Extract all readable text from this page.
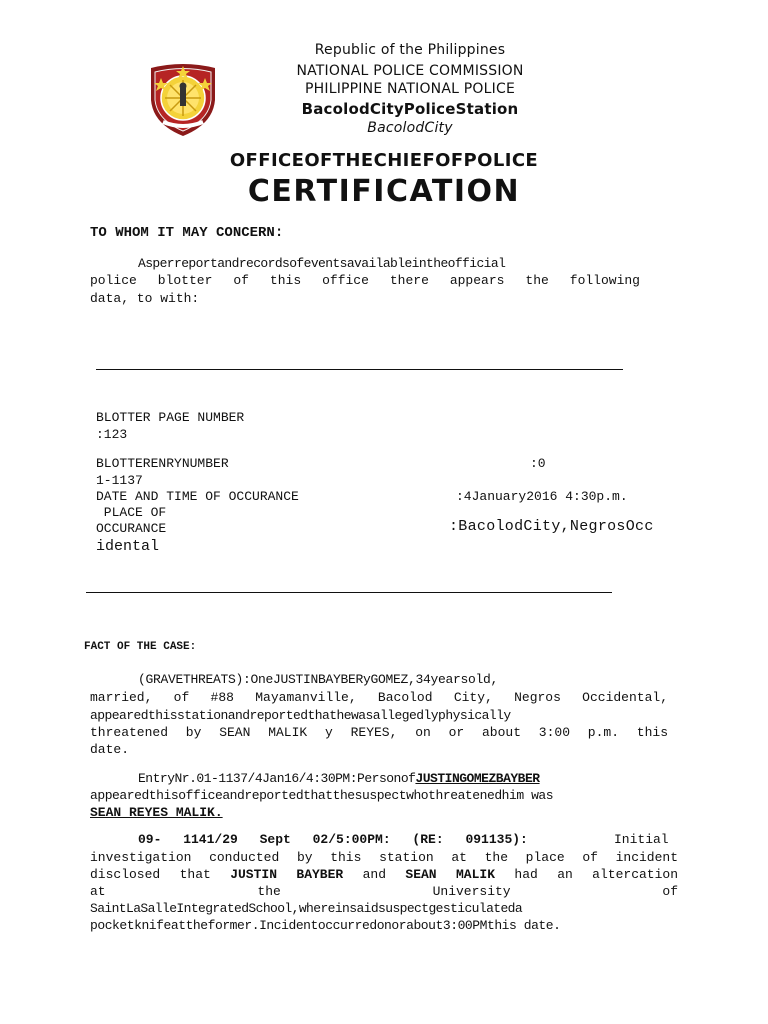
Republic of the Philippines
NATIONAL POLICE COMMISSION
PHILIPPINE NATIONAL POLICE
BacolodCityPoliceStation
BacolodCity
OFFICEOFTHECHIEFOFPOLICE
CERTIFICATION
TO WHOM IT MAY CONCERN:
Asperreportandrecordsofeventsavailableintheofficial
police blotter of this office there appears the following
data, to with:
BLOTTER PAGE NUMBER
:123
BLOTTERENRYNUMBER	:0
1-1137
DATE AND TIME OF OCCURANCE	:4January2016 4:30p.m.
PLACE OF
OCCURANCE	:BacolodCity,NegrosOcc
idental
FACT OF THE CASE:
(GRAVETHREATS):OneJUSTINBAYBERyGOMEZ,34yearsold,
married, of #88 Mayamanville, Bacolod City, Negros Occidental,
appearedthisstationandreportedthathewasallegedlyphysically
threatened by SEAN MALIK y REYES, on or about 3:00 p.m. this
date.
EntryNr.01-1137/4Jan16/4:30PM:PersonofJUSTINGOMEZBAYBER
appearedthisofficeandreportedthatthesuspectwhothreatenedhim was
SEAN REYES MALIK.
09- 1141/29 Sept 02/5:00PM: (RE: 091135):	Initial
investigation conducted by this station at the place of incident
disclosed that JUSTIN BAYBER and SEAN MALIK had an altercation
at the University of
SaintLaSalleIntegratedSchool,whereinsaidsuspectgesticulateda
pocketknifeattheformer.Incidentoccurredonorabout3:00PMthis date.
